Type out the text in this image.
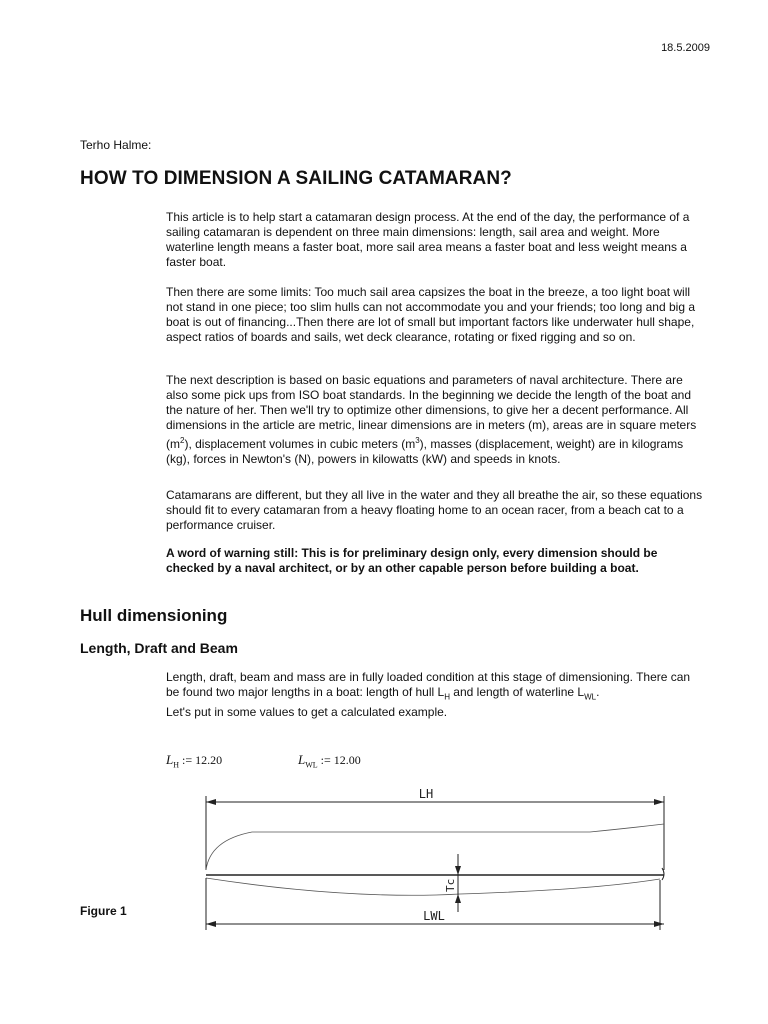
18.5.2009
Terho Halme:
HOW TO DIMENSION A SAILING CATAMARAN?

This article is to help start a catamaran design process. At the end of the day, the performance of a sailing catamaran is dependent on three main dimensions: length, sail area and weight. More waterline length means a faster boat, more sail area means a faster boat and less weight means a faster boat.

Then there are some limits: Too much sail area capsizes the boat in the breeze, a too light boat will not stand in one piece; too slim hulls can not accommodate you and your friends; too long and big a boat is out of financing...Then there are lot of small but important factors like underwater hull shape, aspect ratios of boards and sails, wet deck clearance, rotating or fixed rigging and so on.

The next description is based on basic equations and parameters of naval architecture. There are also some pick ups from ISO boat standards. In the beginning we decide the length of the boat and the nature of her. Then we'll try to optimize other dimensions, to give her a decent performance. All dimensions in the article are metric, linear dimensions are in meters (m), areas are in square meters $(m^2)$, displacement volumes in cubic meters $(m^3)$, masses (displacement, weight) are in kilograms (kg), forces in Newton's (N), powers in kilowatts (kW) and speeds in knots.

Catamarans are different, but they all live in the water and they all breathe the air, so these equations should fit to every catamaran from a heavy floating home to an ocean racer, from a beach cat to a performance cruiser.

A word of warning still: This is for preliminary design only, every dimension should be checked by a naval architect, or by an other capable person before building a boat.

Hull dimensioning
Length, Draft and Beam

Length, draft, beam and mass are in fully loaded condition at this stage of dimensioning. There can be found two major lengths in a boat: length of hull $L_H$ and length of waterline $L_{WL}$.

Let's put in some values to get a calculated example.

$L_H$ := 12.20	$L_{WL}$ := 12.00
Figure 1
LH
Tc
LWL
